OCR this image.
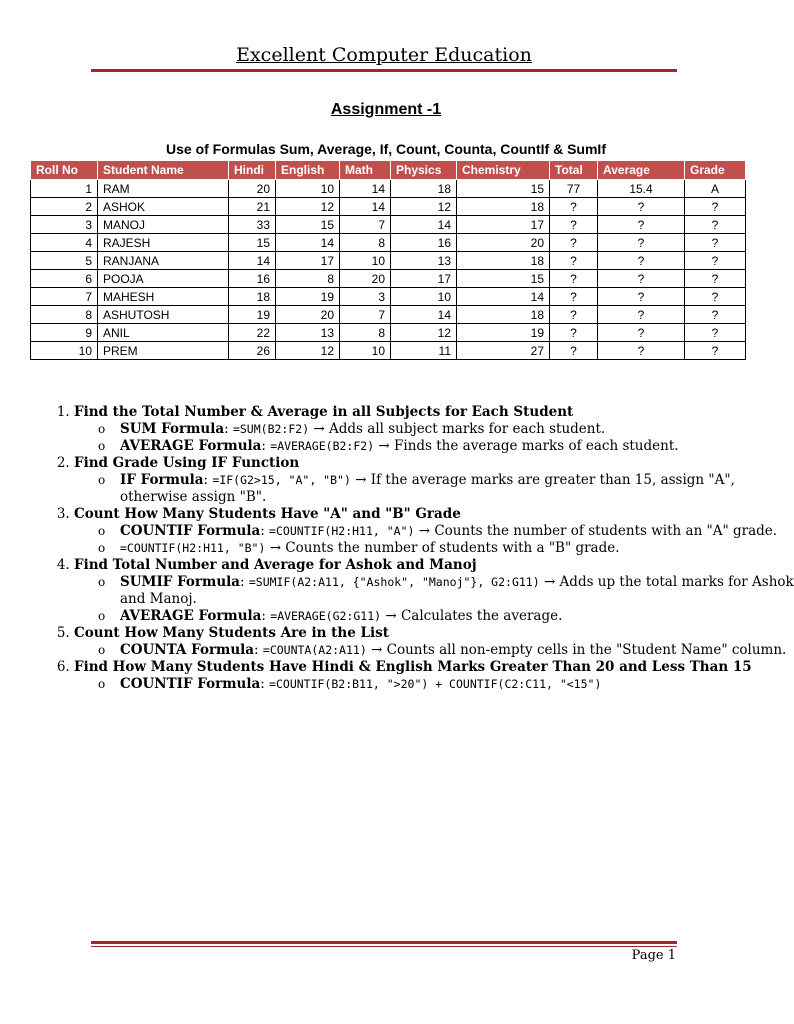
Excellent Computer Education
Assignment -1
Use of Formulas Sum, Average, If, Count, Counta, CountIf & SumIf
Roll No	Student Name	Hindi	English	Math	Physics	Chemistry	Total	Average	Grade
1	RAM	20	10	14	18	15	77	15.4	A
2	ASHOK	21	12	14	12	18	?	?	?
3	MANOJ	33	15	7	14	17	?	?	?
4	RAJESH	15	14	8	16	20	?	?	?
5	RANJANA	14	17	10	13	18	?	?	?
6	POOJA	16	8	20	17	15	?	?	?
7	MAHESH	18	19	3	10	14	?	?	?
8	ASHUTOSH	19	20	7	14	18	?	?	?
9	ANIL	22	13	8	12	19	?	?	?
10	PREM	26	12	10	11	27	?	?	?
1. Find the Total Number & Average in all Subjects for Each Student
o SUM Formula: =SUM(B2:F2) → Adds all subject marks for each student.
o AVERAGE Formula: =AVERAGE(B2:F2) → Finds the average marks of each student.
2. Find Grade Using IF Function
o IF Formula: =IF(G2>15, "A", "B") → If the average marks are greater than 15, assign "A", otherwise assign "B".
3. Count How Many Students Have "A" and "B" Grade
o COUNTIF Formula: =COUNTIF(H2:H11, "A") → Counts the number of students with an "A" grade.
o =COUNTIF(H2:H11, "B") → Counts the number of students with a "B" grade.
4. Find Total Number and Average for Ashok and Manoj
o SUMIF Formula: =SUMIF(A2:A11, {"Ashok", "Manoj"}, G2:G11) → Adds up the total marks for Ashok and Manoj.
o AVERAGE Formula: =AVERAGE(G2:G11) → Calculates the average.
5. Count How Many Students Are in the List
o COUNTA Formula: =COUNTA(A2:A11) → Counts all non-empty cells in the "Student Name" column.
6. Find How Many Students Have Hindi & English Marks Greater Than 20 and Less Than 15
o COUNTIF Formula: =COUNTIF(B2:B11, ">20") + COUNTIF(C2:C11, "<15")
Page 1
